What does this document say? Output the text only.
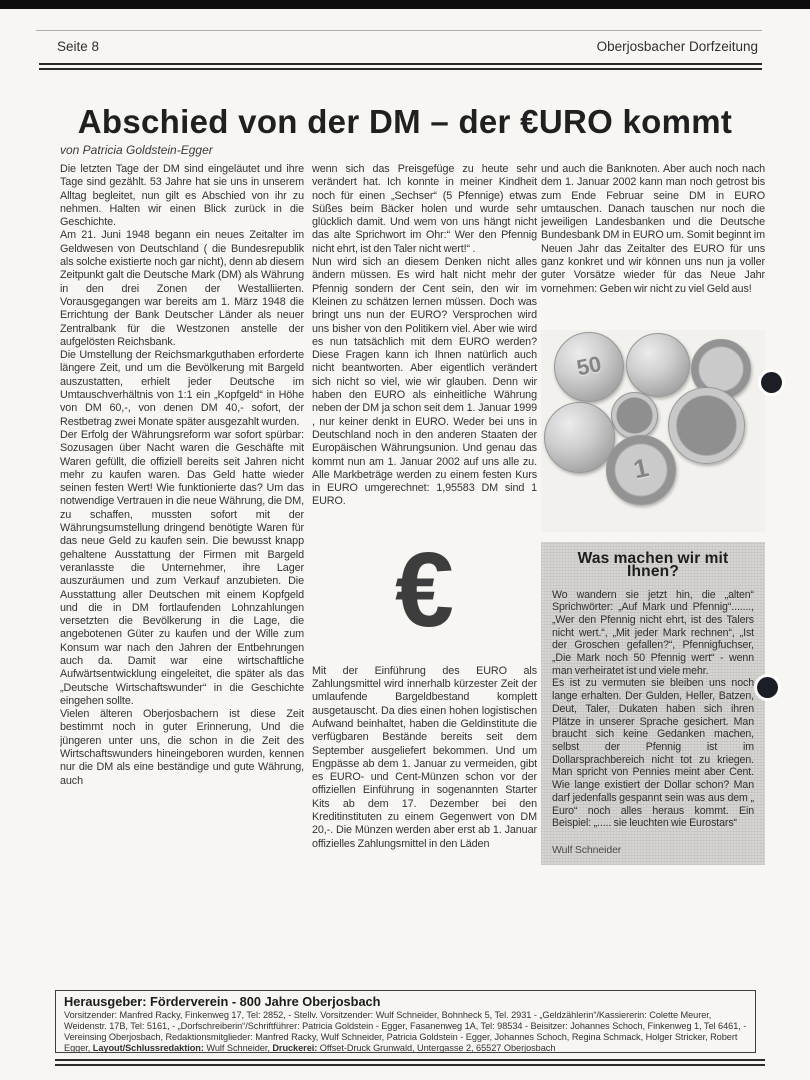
Seite 8	Oberjosbacher Dorfzeitung
Abschied von der DM – der €URO kommt
von Patricia Goldstein-Egger

Die letzten Tage der DM sind eingeläutet und ihre Tage sind gezählt. 53 Jahre hat sie uns in unserem Alltag begleitet, nun gilt es Abschied von ihr zu nehmen. Halten wir einen Blick zurück in die Geschichte.

Am 21. Juni 1948 begann ein neues Zeitalter im Geldwesen von Deutschland ( die Bundesrepublik als solche existierte noch gar nicht), denn ab diesem Zeitpunkt galt die Deutsche Mark (DM) als Währung in den drei Zonen der Westalliierten. Vorausgegangen war bereits am 1. März 1948 die Errichtung der Bank Deutscher Länder als neuer Zentralbank für die Westzonen anstelle der aufgelösten Reichsbank.

Die Umstellung der Reichsmarkguthaben erforderte längere Zeit, und um die Bevölkerung mit Bargeld auszustatten, erhielt jeder Deutsche im Umtauschverhältnis von 1:1 ein „Kopfgeld“ in Höhe von DM 60,-, von denen DM 40,- sofort, der Restbetrag zwei Monate später ausgezahlt wurden.

Der Erfolg der Währungsreform war sofort spürbar: Sozusagen über Nacht waren die Geschäfte mit Waren gefüllt, die offiziell bereits seit Jahren nicht mehr zu kaufen waren. Das Geld hatte wieder seinen festen Wert! Wie funktionierte das? Um das notwendige Vertrauen in die neue Währung, die DM, zu schaffen, mussten sofort mit der Währungsumstellung dringend benötigte Waren für das neue Geld zu kaufen sein. Die bewusst knapp gehaltene Ausstattung der Firmen mit Bargeld veranlasste die Unternehmer, ihre Lager auszuräumen und zum Verkauf anzubieten. Die Ausstattung aller Deutschen mit einem Kopfgeld und die in DM fortlaufenden Lohnzahlungen versetzten die Bevölkerung in die Lage, die angebotenen Güter zu kaufen und der Wille zum Konsum war nach den Jahren der Entbehrungen auch da. Damit war eine wirtschaftliche Aufwärtsentwicklung eingeleitet, die später als das „Deutsche Wirtschaftswunder“ in die Geschichte eingehen sollte.

Vielen älteren Oberjosbachern ist diese Zeit bestimmt noch in guter Erinnerung, Und die jüngeren unter uns, die schon in die Zeit des Wirtschaftswunders hineingeboren wurden, kennen nur die DM als eine beständige und gute Währung, auch

wenn sich das Preisgefüge zu heute sehr verändert hat. Ich konnte in meiner Kindheit noch für einen „Sechser“ (5 Pfennige) etwas Süßes beim Bäcker holen und wurde sehr glücklich damit. Und wem von uns hängt nicht das alte Sprichwort im Ohr:“ Wer den Pfennig nicht ehrt, ist den Taler nicht wert!“ .

Nun wird sich an diesem Denken nicht alles ändern müssen. Es wird halt nicht mehr der Pfennig sondern der Cent sein, den wir im Kleinen zu schätzen lernen müssen. Doch was bringt uns nun der EURO? Versprochen wird uns bisher von den Politikern viel. Aber wie wird es nun tatsächlich mit dem EURO werden? Diese Fragen kann ich Ihnen natürlich auch nicht beantworten. Aber eigentlich verändert sich nicht so viel, wie wir glauben. Denn wir haben den EURO als einheitliche Währung neben der DM ja schon seit dem 1. Januar 1999 , nur keiner denkt in EURO. Weder bei uns in Deutschland noch in den anderen Staaten der Europäischen Währungsunion. Und genau das kommt nun am 1. Januar 2002 auf uns alle zu. Alle Markbeträge werden zu einem festen Kurs in EURO umgerechnet: 1,95583 DM sind 1 EURO.

€

Mit der Einführung des EURO als Zahlungsmittel wird innerhalb kürzester Zeit der umlaufende Bargeldbestand komplett ausgetauscht. Da dies einen hohen logistischen Aufwand beinhaltet, haben die Geldinstitute die verfügbaren Bestände bereits seit dem September ausgeliefert bekommen. Und um Engpässe ab dem 1. Januar zu vermeiden, gibt es EURO- und Cent-Münzen schon vor der offiziellen Einführung in sogenannten Starter Kits ab dem 17. Dezember bei den Kreditinstituten zu einem Gegenwert von DM 20,-. Die Münzen werden aber erst ab 1. Januar offizielles Zahlungsmittel in den Läden

und auch die Banknoten. Aber auch noch nach dem 1. Januar 2002 kann man noch getrost bis zum Ende Februar seine DM in EURO umtauschen. Danach tauschen nur noch die jeweiligen Landesbanken und die Deutsche Bundesbank DM in EURO um. Somit beginnt im Neuen Jahr das Zeitalter des EURO für uns ganz konkret und wir können uns nun ja voller guter Vorsätze wieder für das Neue Jahr vornehmen: Geben wir nicht zu viel Geld aus!

50
1
Was machen wir mit Ihnen?

Wo wandern sie jetzt hin, die „alten“ Sprichwörter: „Auf Mark und Pfennig“......., „Wer den Pfennig nicht ehrt, ist des Talers nicht wert.“, „Mit jeder Mark rechnen“, „Ist der Groschen gefallen?“, Pfennigfuchser, „Die Mark noch 50 Pfennig wert“ - wenn man verheiratet ist und viele mehr.

Es ist zu vermuten sie bleiben uns noch lange erhalten. Der Gulden, Heller, Batzen, Deut, Taler, Dukaten haben sich ihren Plätze in unserer Sprache gesichert. Man braucht sich keine Gedanken machen, selbst der Pfennig ist im Dollarsprachbereich nicht tot zu kriegen. Man spricht von Pennies meint aber Cent. Wie lange existiert der Dollar schon? Man darf jedenfalls gespannt sein was aus dem „ Euro“ noch alles heraus kommt. Ein Beispiel: „..... sie leuchten wie Eurostars“

Wulf Schneider
Herausgeber: Förderverein - 800 Jahre Oberjosbach
Vorsitzender: Manfred Racky, Finkenweg 17, Tel: 2852, - Stellv. Vorsitzender: Wulf Schneider, Bohnheck 5, Tel. 2931 - „Geldzählerin“/Kassiererin: Colette Meurer, Weidenstr. 17B, Tel: 5161, - „Dorfschreiberin“/Schriftführer: Patricia Goldstein - Egger, Fasanenweg 1A, Tel: 98534 - Beisitzer: Johannes Schoch, Finkenweg 1, Tel 6461, - Vereinsing Oberjosbach, Redaktionsmitglieder: Manfred Racky, Wulf Schneider, Patricia Goldstein - Egger, Johannes Schoch, Regina Schmack, Holger Stricker, Robert Egger, Layout/Schlussredaktion: Wulf Schneider, Druckerei: Offset-Druck Grunwald, Untergasse 2, 65527 Oberjosbach
